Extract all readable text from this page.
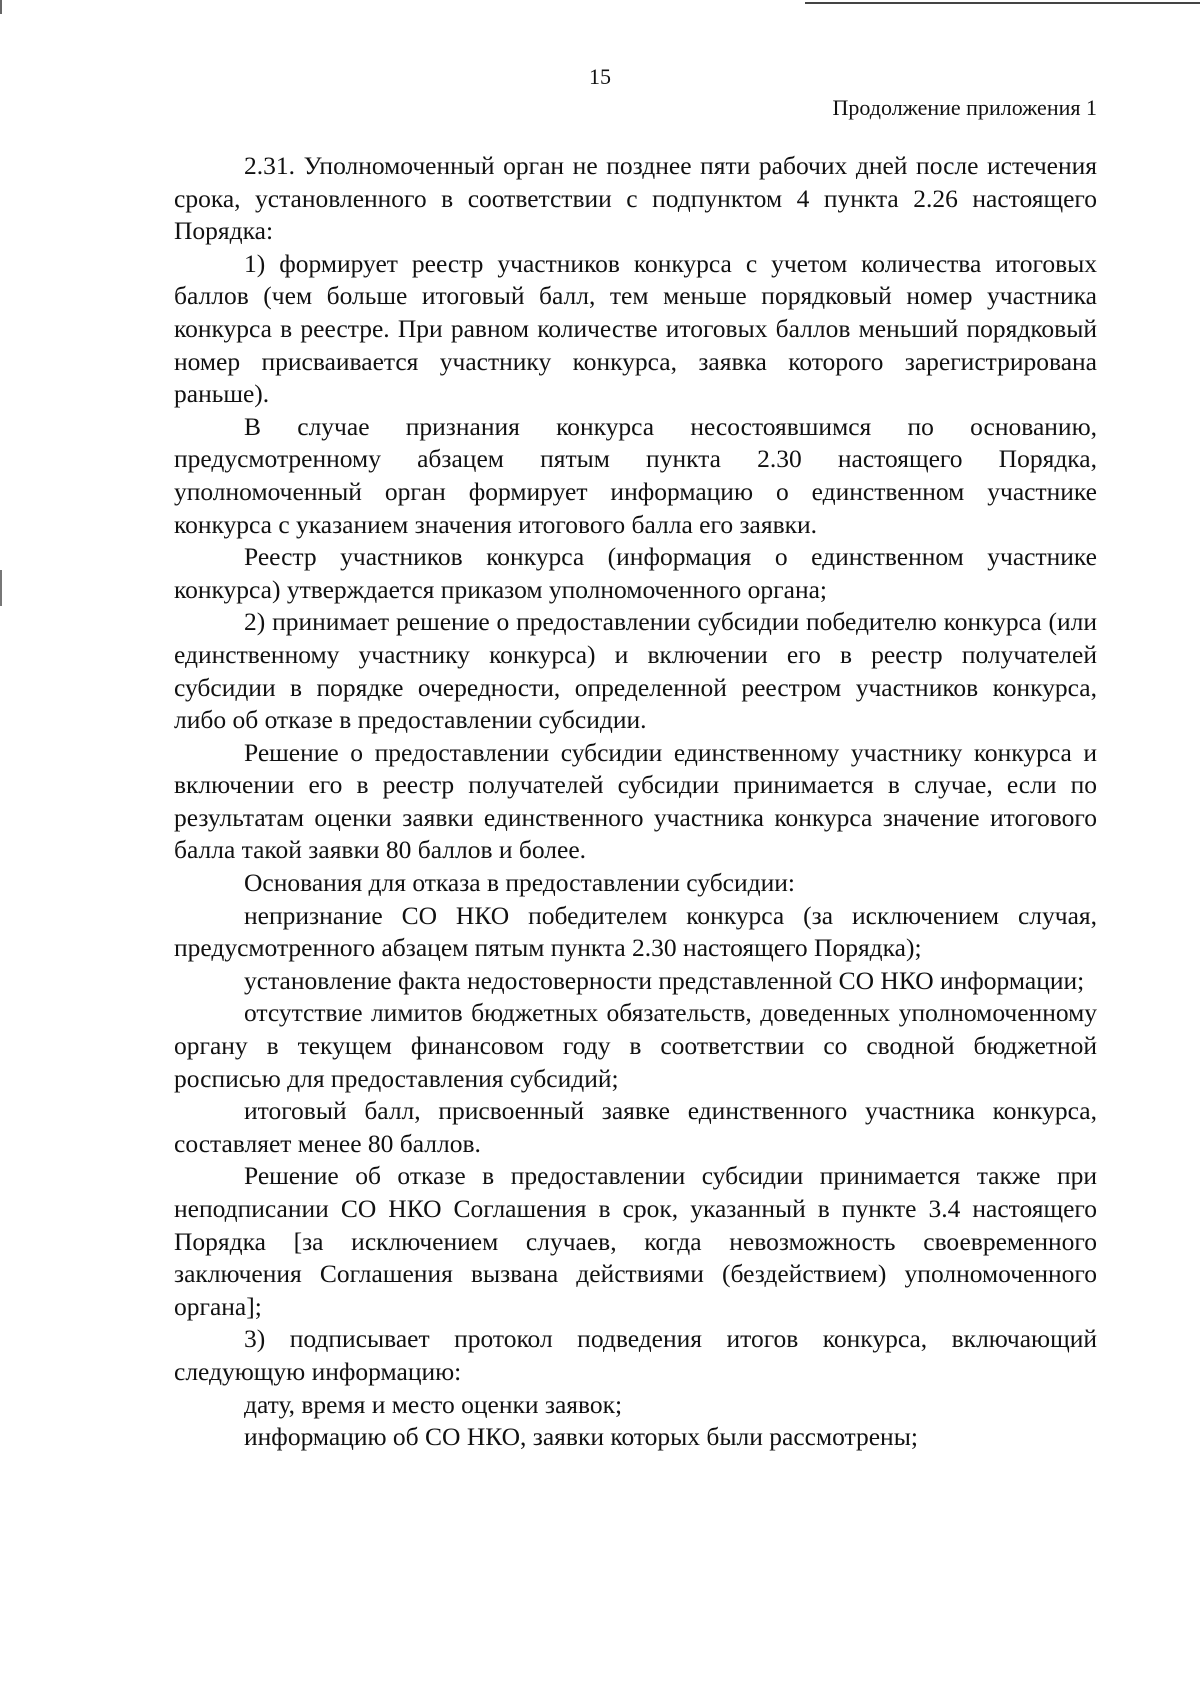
15
Продолжение приложения 1

2.31. Уполномоченный орган не позднее пяти рабочих дней после истечения срока, установленного в соответствии с подпунктом 4 пункта 2.26 настоящего Порядка:

1) формирует реестр участников конкурса с учетом количества итоговых баллов (чем больше итоговый балл, тем меньше порядковый номер участника конкурса в реестре. При равном количестве итоговых баллов меньший порядковый номер присваивается участнику конкурса, заявка которого зарегистрирована раньше).

В случае признания конкурса несостоявшимся по основанию, предусмотренному абзацем пятым пункта 2.30 настоящего Порядка, уполномоченный орган формирует информацию о единственном участнике конкурса с указанием значения итогового балла его заявки.

Реестр участников конкурса (информация о единственном участнике конкурса) утверждается приказом уполномоченного органа;

2) принимает решение о предоставлении субсидии победителю конкурса (или единственному участнику конкурса) и включении его в реестр получателей субсидии в порядке очередности, определенной реестром участников конкурса, либо об отказе в предоставлении субсидии.

Решение о предоставлении субсидии единственному участнику конкурса и включении его в реестр получателей субсидии принимается в случае, если по результатам оценки заявки единственного участника конкурса значение итогового балла такой заявки 80 баллов и более.

Основания для отказа в предоставлении субсидии:

непризнание СО НКО победителем конкурса (за исключением случая, предусмотренного абзацем пятым пункта 2.30 настоящего Порядка);

установление факта недостоверности представленной СО НКО информации;

отсутствие лимитов бюджетных обязательств, доведенных уполномоченному органу в текущем финансовом году в соответствии со сводной бюджетной росписью для предоставления субсидий;

итоговый балл, присвоенный заявке единственного участника конкурса, составляет менее 80 баллов.

Решение об отказе в предоставлении субсидии принимается также при неподписании СО НКО Соглашения в срок, указанный в пункте 3.4 настоящего Порядка [за исключением случаев, когда невозможность своевременного заключения Соглашения вызвана действиями (бездействием) уполномоченного органа];

3) подписывает протокол подведения итогов конкурса, включающий следующую информацию:

дату, время и место оценки заявок;

информацию об СО НКО, заявки которых были рассмотрены;
